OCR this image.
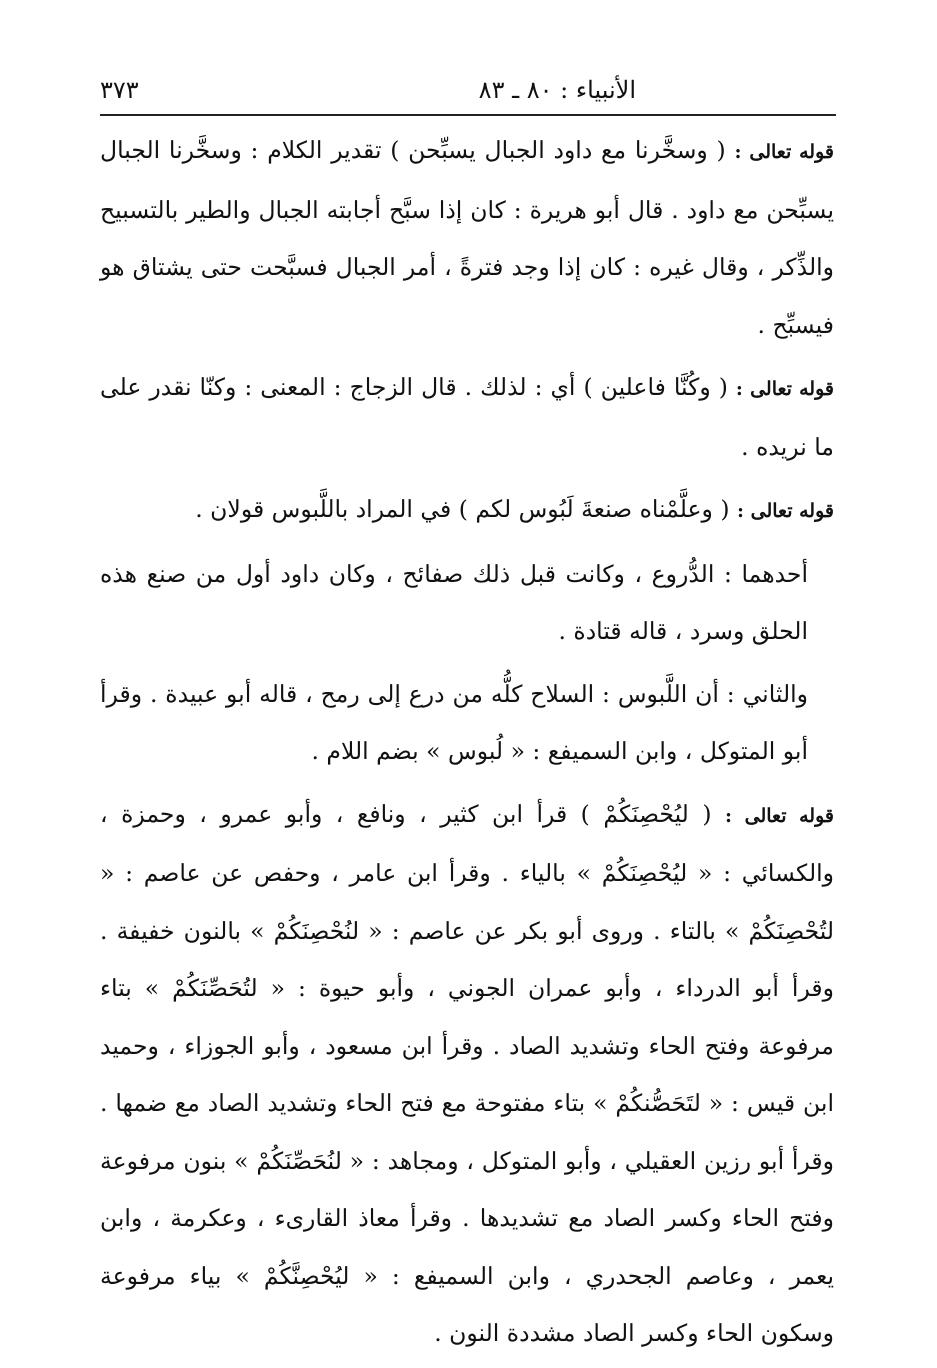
الأنبياء : ٨٠ ـ ٨٣
٣٧٣

قوله تعالى : ( وسخَّرنا مع داود الجبال يسبِّحن ) تقدير الكلام : وسخَّرنا الجبال يسبِّحن مع داود . قال أبو هريرة : كان إذا سبَّح أجابته الجبال والطير بالتسبيح والذِّكر ، وقال غيره : كان إذا وجد فترةً ، أمر الجبال فسبَّحت حتى يشتاق هو فيسبِّح .

قوله تعالى : ( وكُنَّا فاعلين ) أي : لذلك . قال الزجاج : المعنى : وكنّا نقدر على ما نريده .

قوله تعالى : ( وعلَّمْناه صنعةَ لَبُوس لكم ) في المراد باللَّبوس قولان .

أحدهما : الدُّروع ، وكانت قبل ذلك صفائح ، وكان داود أول من صنع هذه الحلق وسرد ، قاله قتادة .

والثاني : أن اللَّبوس : السلاح كلُّه من درع إلى رمح ، قاله أبو عبيدة . وقرأ أبو المتوكل ، وابن السميفع : « لُبوس » بضم اللام .

قوله تعالى : ( ليُحْصِنَكُمْ ) قرأ ابن كثير ، ونافع ، وأبو عمرو ، وحمزة ، والكسائي : « ليُحْصِنَكُمْ » بالياء . وقرأ ابن عامر ، وحفص عن عاصم : « لتُحْصِنَكُمْ » بالتاء . وروى أبو بكر عن عاصم : « لنُحْصِنَكُمْ » بالنون خفيفة . وقرأ أبو الدرداء ، وأبو عمران الجوني ، وأبو حيوة : « لتُحَصِّنَكُمْ » بتاء مرفوعة وفتح الحاء وتشديد الصاد . وقرأ ابن مسعود ، وأبو الجوزاء ، وحميد ابن قيس : « لتَحَصُّنكُمْ » بتاء مفتوحة مع فتح الحاء وتشديد الصاد مع ضمها . وقرأ أبو رزين العقيلي ، وأبو المتوكل ، ومجاهد : « لنُحَصِّنَكُمْ » بنون مرفوعة وفتح الحاء وكسر الصاد مع تشديدها . وقرأ معاذ القارىء ، وعكرمة ، وابن يعمر ، وعاصم الجحدري ، وابن السميفع : « ليُحْصِنَّكُمْ » بياء مرفوعة وسكون الحاء وكسر الصاد مشددة النون .
